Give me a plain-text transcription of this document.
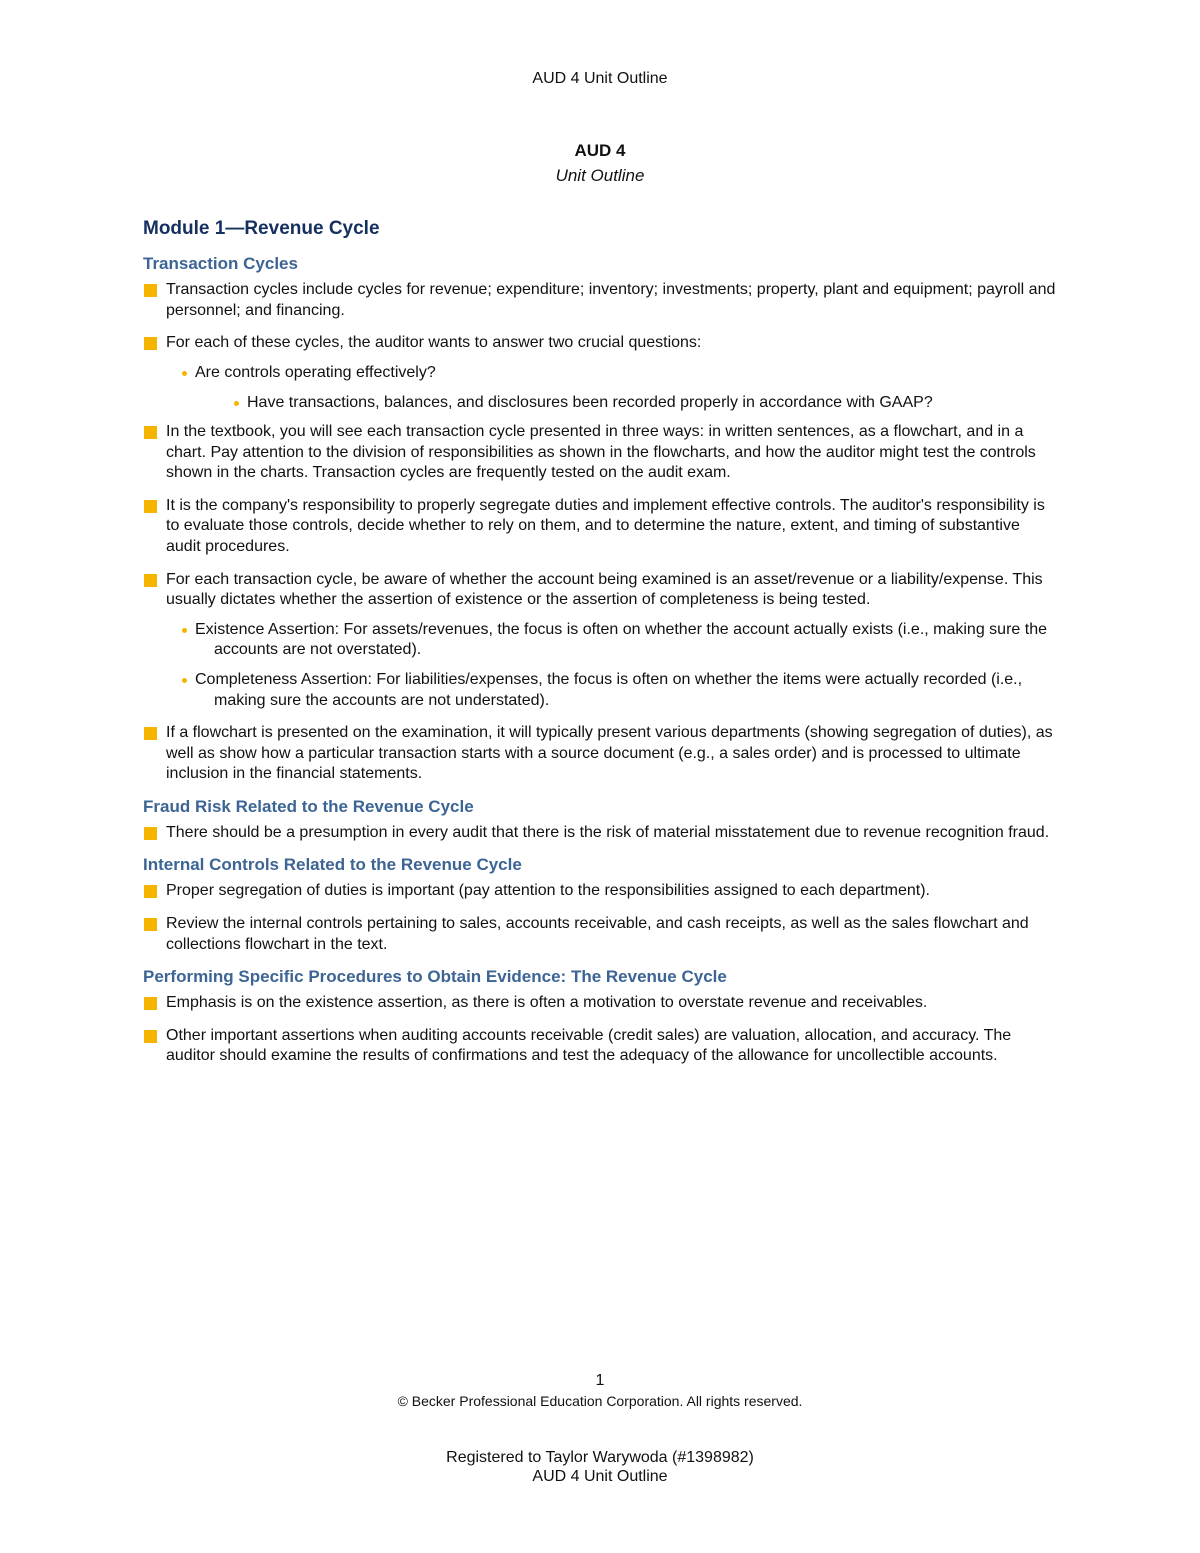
AUD 4 Unit Outline
AUD 4
Unit Outline
Module 1—Revenue Cycle
Transaction Cycles
Transaction cycles include cycles for revenue; expenditure; inventory; investments; property, plant and equipment; payroll and personnel; and financing.
For each of these cycles, the auditor wants to answer two crucial questions:
Are controls operating effectively?
Have transactions, balances, and disclosures been recorded properly in accordance with GAAP?
In the textbook, you will see each transaction cycle presented in three ways: in written sentences, as a flowchart, and in a chart. Pay attention to the division of responsibilities as shown in the flowcharts, and how the auditor might test the controls shown in the charts. Transaction cycles are frequently tested on the audit exam.
It is the company's responsibility to properly segregate duties and implement effective controls. The auditor's responsibility is to evaluate those controls, decide whether to rely on them, and to determine the nature, extent, and timing of substantive audit procedures.
For each transaction cycle, be aware of whether the account being examined is an asset/revenue or a liability/expense. This usually dictates whether the assertion of existence or the assertion of completeness is being tested.
Existence Assertion: For assets/revenues, the focus is often on whether the account actually exists (i.e., making sure the accounts are not overstated).
Completeness Assertion: For liabilities/expenses, the focus is often on whether the items were actually recorded (i.e., making sure the accounts are not understated).
If a flowchart is presented on the examination, it will typically present various departments (showing segregation of duties), as well as show how a particular transaction starts with a source document (e.g., a sales order) and is processed to ultimate inclusion in the financial statements.
Fraud Risk Related to the Revenue Cycle
There should be a presumption in every audit that there is the risk of material misstatement due to revenue recognition fraud.
Internal Controls Related to the Revenue Cycle
Proper segregation of duties is important (pay attention to the responsibilities assigned to each department).
Review the internal controls pertaining to sales, accounts receivable, and cash receipts, as well as the sales flowchart and collections flowchart in the text.
Performing Specific Procedures to Obtain Evidence: The Revenue Cycle
Emphasis is on the existence assertion, as there is often a motivation to overstate revenue and receivables.
Other important assertions when auditing accounts receivable (credit sales) are valuation, allocation, and accuracy. The auditor should examine the results of confirmations and test the adequacy of the allowance for uncollectible accounts.
1
© Becker Professional Education Corporation. All rights reserved.
Registered to Taylor Warywoda (#1398982)
AUD 4 Unit Outline
